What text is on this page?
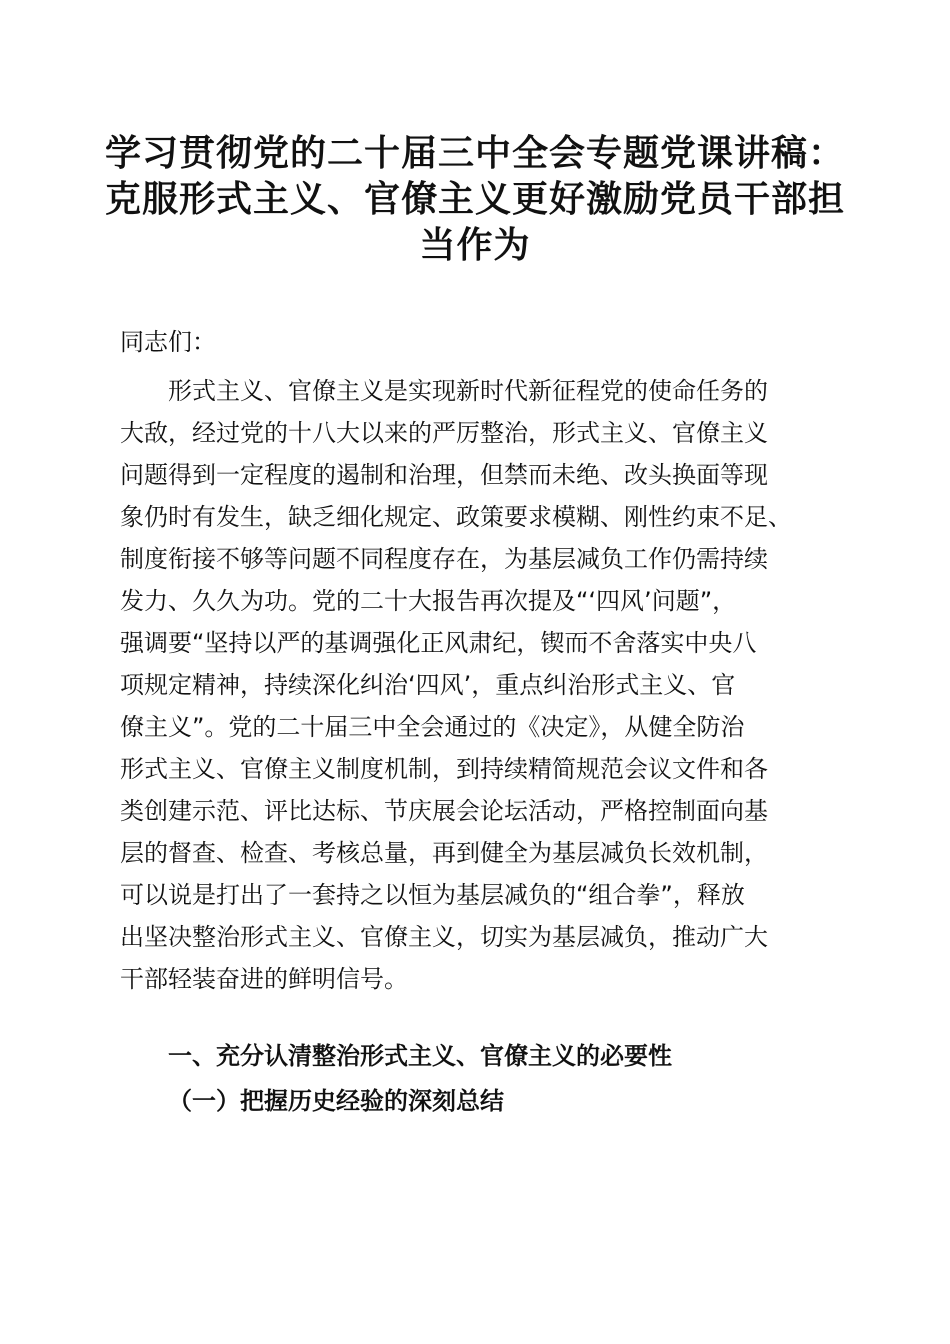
学习贯彻党的二十届三中全会专题党课讲稿：
克服形式主义、官僚主义更好激励党员干部担
当作为

同志们：

形式主义、官僚主义是实现新时代新征程党的使命任务的
大敌，经过党的十八大以来的严厉整治，形式主义、官僚主义
问题得到一定程度的遏制和治理，但禁而未绝、改头换面等现
象仍时有发生，缺乏细化规定、政策要求模糊、刚性约束不足、
制度衔接不够等问题不同程度存在，为基层减负工作仍需持续
发力、久久为功。党的二十大报告再次提及“‘四风’问题”，
强调要“坚持以严的基调强化正风肃纪，锲而不舍落实中央八
项规定精神，持续深化纠治‘四风’，重点纠治形式主义、官
僚主义”。党的二十届三中全会通过的《决定》，从健全防治
形式主义、官僚主义制度机制，到持续精简规范会议文件和各
类创建示范、评比达标、节庆展会论坛活动，严格控制面向基
层的督查、检查、考核总量，再到健全为基层减负长效机制，
可以说是打出了一套持之以恒为基层减负的“组合拳”，释放
出坚决整治形式主义、官僚主义，切实为基层减负，推动广大
干部轻装奋进的鲜明信号。
一、充分认清整治形式主义、官僚主义的必要性
（一）把握历史经验的深刻总结
